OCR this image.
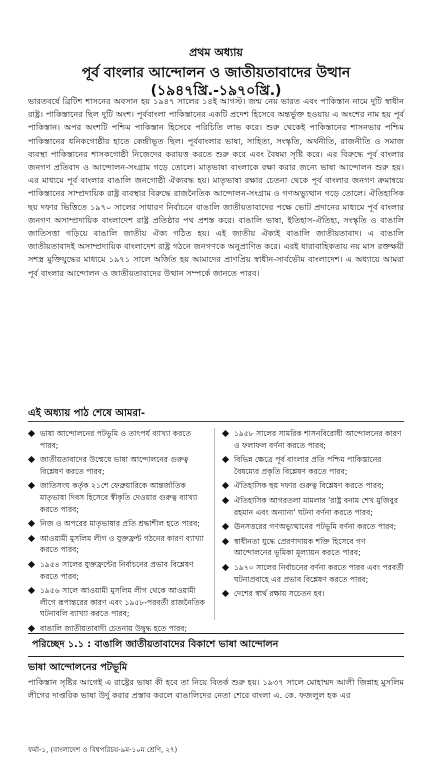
প্রথম অধ্যায়
পূর্ব বাংলার আন্দোলন ও জাতীয়তাবাদের উত্থান (১৯৪৭খ্রি.-১৯৭০খ্রি.)
ভারতবর্ষে ব্রিটিশ শাসনের অবসান হয় ১৯৪৭ সালের ১৪ই আগস্ট। জন্ম নেয় ভারত এবং পাকিস্তান নামে দুটি স্বাধীন রাষ্ট্র। পাকিস্তানের ছিল দুটি অংশ। পূর্ববাংলা পাকিস্তানের একটি প্রদেশ হিসেবে অন্তর্ভুক্ত হওয়ায় এ অংশের নাম হয় পূর্ব পাকিস্তান। অপর অংশটি পশ্চিম পাকিস্তান হিসেবে পরিচিতি লাভ করে। শুরু থেকেই পাকিস্তানের শাসনভার পশ্চিম পাকিস্তানের ধনিকগোষ্ঠীর হাতে কেন্দ্রীভূত ছিল। পূর্ববাংলার ভাষা, সাহিত্য, সংস্কৃতি, অর্থনীতি, রাজনীতি ও সমাজ ব্যবস্থা পাকিস্তানের শাসকগোষ্ঠী নিজেদের করায়ত্ত করতে শুরু করে এবং বৈষম্য সৃষ্টি করে। এর বিরুদ্ধে পূর্ব বাংলার জনগণ প্রতিবাদ ও আন্দোলন-সংগ্রাম গড়ে তোলে। মাতৃভাষা বাংলাকে রক্ষা করার জন্যে ভাষা আন্দোলন শুরু হয়। এর মাধ্যমে পূর্ব বাংলার বাঙালি জনগোষ্ঠী ঐক্যবদ্ধ হয়। মাতৃভাষা রক্ষার চেতনা থেকে পূর্ব বাংলার জনগণ ক্রমান্বয়ে পাকিস্তানের সাম্প্রদায়িক রাষ্ট্র ব্যবস্থার বিরুদ্ধে রাজনৈতিক আন্দোলন-সংগ্রাম ও গণঅভ্যুত্থান গড়ে তোলে। ঐতিহাসিক ছয় দফার ভিত্তিতে ১৯৭০ সালের সাধারণ নির্বাচনে বাঙালি জাতীয়তাবাদের পক্ষে ভোট প্রদানের মাধ্যমে পূর্ব বাংলার জনগণ অসাম্প্রদায়িক বাংলাদেশ রাষ্ট্র প্রতিষ্ঠার পথ প্রশস্ত করে। বাঙালি ভাষা, ইতিহাস-ঐতিহ্য, সংস্কৃতি ও বাঙালি জাতিসত্তা গড়িয়ে বাঙালি জাতীয় ঐক্য গঠিত হয়। এই জাতীয় ঐক্যই বাঙালি জাতীয়তাবাদ। এ বাঙালি জাতীয়তাবাদই অসাম্প্রদায়িক বাংলাদেশ রাষ্ট্র গঠনে জনগণকে অনুপ্রাণিত করে। এরই ধারাবাহিকতায় নয় মাস রক্তক্ষয়ী সশস্ত্র মুক্তিযুদ্ধের মাধ্যমে ১৯৭১ সালে অর্জিত হয় আমাদের প্রাণপ্রিয় স্বাধীন-সার্বভৌম বাংলাদেশ। এ অধ্যায়ে আমরা পূর্ব বাংলার আন্দোলন ও জাতীয়তাবাদের উত্থান সম্পর্কে জানতে পারব।
এই অধ্যায় পাঠ শেষে আমরা-
ভাষা আন্দোলনের পটভূমি ও তাৎপর্য ব্যাখ্যা করতে পারব;
জাতীয়তাবাদের উন্মেষে ভাষা আন্দোলনের গুরুত্ব বিশ্লেষণ করতে পারব;
জাতিসংঘ কর্তৃক ২১শে ফেব্রুয়ারিকে আন্তর্জাতিক মাতৃভাষা দিবস হিসেবে স্বীকৃতি দেওয়ার গুরুত্ব ব্যাখ্যা করতে পারব;
নিজ ও অপরের মাতৃভাষার প্রতি শ্রদ্ধাশীল হতে পারব;
আওয়ামী মুসলিম লীগ ও যুক্তফ্রন্ট গঠনের কারণ ব্যাখ্যা করতে পারব;
১৯৫৪ সালের যুক্তফ্রন্টের নির্বাচনের প্রভাব বিশ্লেষণ করতে পারব;
১৯৫৬ সালে আওয়ামী মুসলিম লীগ থেকে আওয়ামী লীগে রূপান্তরের কারণ এবং ১৯৫৮-পরবর্তী রাজনৈতিক ঘটনাবলি ব্যাখ্যা করতে পারব;
বাঙালি জাতীয়তাবাদী চেতনায় উদ্বুদ্ধ হতে পারব;
১৯৫৮ সালের সামরিক শাসনবিরোধী আন্দোলনের কারণ ও ফলাফল বর্ণনা করতে পারব;
বিভিন্ন ক্ষেত্রে পূর্ব বাংলার প্রতি পশ্চিম পাকিস্তানের বৈষম্যের প্রকৃতি বিশ্লেষণ করতে পারব;
ঐতিহাসিক ছয় দফার গুরুত্ব বিশ্লেষণ করতে পারব;
ঐতিহাসিক আগরতলা মামলার 'রাষ্ট্র বনাম শেখ মুজিবুর রহমান এবং অন্যান্য' ঘটনা বর্ণনা করতে পারব;
ঊনসত্তরের গণঅভ্যুত্থানের পটভূমি বর্ণনা করতে পারব;
স্বাধীনতা যুদ্ধে প্রেরণাদায়ক শক্তি হিসেবে গণ আন্দোলনের ভূমিকা মূল্যায়ন করতে পারব;
১৯৭০ সালের নির্বাচনের বর্ণনা করতে পারব এবং পরবর্তী ঘটনাপ্রবাহে এর প্রভাব বিশ্লেষণ করতে পারব;
দেশের স্বার্থ রক্ষায় সচেতন হব।
পরিচ্ছেদ ১.১ : বাঙালি জাতীয়তাবাদের বিকাশে ভাষা আন্দোলন
ভাষা আন্দোলনের পটভূমি
পাকিস্তান সৃষ্টির আগেই এ রাষ্ট্রের ভাষা কী হবে তা নিয়ে বিতর্ক শুরু হয়। ১৯৩৭ সালে মোহাম্মদ আলী জিন্নাহ মুসলিম লীগের দাপ্তরিক ভাষা উর্দু করার প্রস্তাব করলে বাঙালিদের নেতা শেরে বাংলা এ. কে. ফজলুল হক এর
ফর্মা-১, (বাংলাদেশ ও বিশ্বপরিচয়-৯ম-১০ম শ্রেণি, ২৭)
